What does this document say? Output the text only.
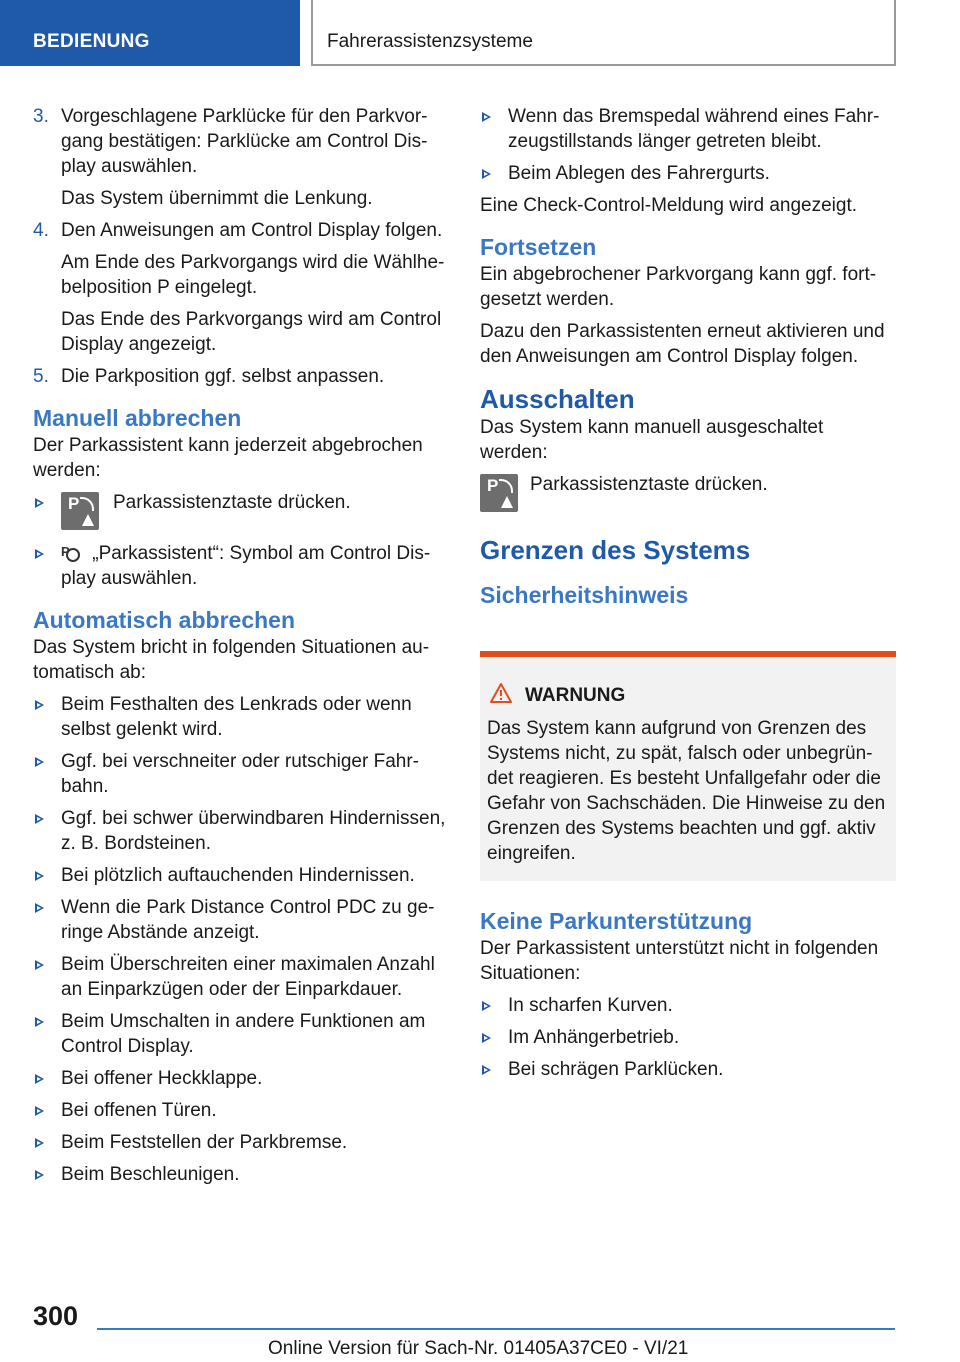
BEDIENUNG	Fahrerassistenzsysteme
3. Vorgeschlagene Parklücke für den Parkvorgang bestätigen: Parklücke am Control Display auswählen.

Das System übernimmt die Lenkung.

4. Den Anweisungen am Control Display folgen.

Am Ende des Parkvorgangs wird die Wählhebelposition P eingelegt.

Das Ende des Parkvorgangs wird am Control Display angezeigt.

5. Die Parkposition ggf. selbst anpassen.
Manuell abbrechen

Der Parkassistent kann jederzeit abgebrochen werden:

P Parkassistenztaste drücken.
P „Parkassistent“: Symbol am Control Display auswählen.
Automatisch abbrechen

Das System bricht in folgenden Situationen automatisch ab:

Beim Festhalten des Lenkrads oder wenn selbst gelenkt wird.
Ggf. bei verschneiter oder rutschiger Fahrbahn.
Ggf. bei schwer überwindbaren Hindernissen, z. B. Bordsteinen.
Bei plötzlich auftauchenden Hindernissen.
Wenn die Park Distance Control PDC zu geringe Abstände anzeigt.
Beim Überschreiten einer maximalen Anzahl an Einparkzügen oder der Einparkdauer.
Beim Umschalten in andere Funktionen am Control Display.
Bei offener Heckklappe.
Bei offenen Türen.
Beim Feststellen der Parkbremse.
Beim Beschleunigen.
Wenn das Bremspedal während eines Fahrzeugstillstands länger getreten bleibt.
Beim Ablegen des Fahrergurts.

Eine Check-Control-Meldung wird angezeigt.

Fortsetzen

Ein abgebrochener Parkvorgang kann ggf. fortgesetzt werden.

Dazu den Parkassistenten erneut aktivieren und den Anweisungen am Control Display folgen.

Ausschalten

Das System kann manuell ausgeschaltet werden:

P Parkassistenztaste drücken.
Grenzen des Systems
Sicherheitshinweis
WARNUNG

Das System kann aufgrund von Grenzen des Systems nicht, zu spät, falsch oder unbegründet reagieren. Es besteht Unfallgefahr oder die Gefahr von Sachschäden. Die Hinweise zu den Grenzen des Systems beachten und ggf. aktiv eingreifen.

Keine Parkunterstützung

Der Parkassistent unterstützt nicht in folgenden Situationen:

In scharfen Kurven.
Im Anhängerbetrieb.
Bei schrägen Parklücken.
300
Online Version für Sach-Nr. 01405A37CE0 - VI/21
